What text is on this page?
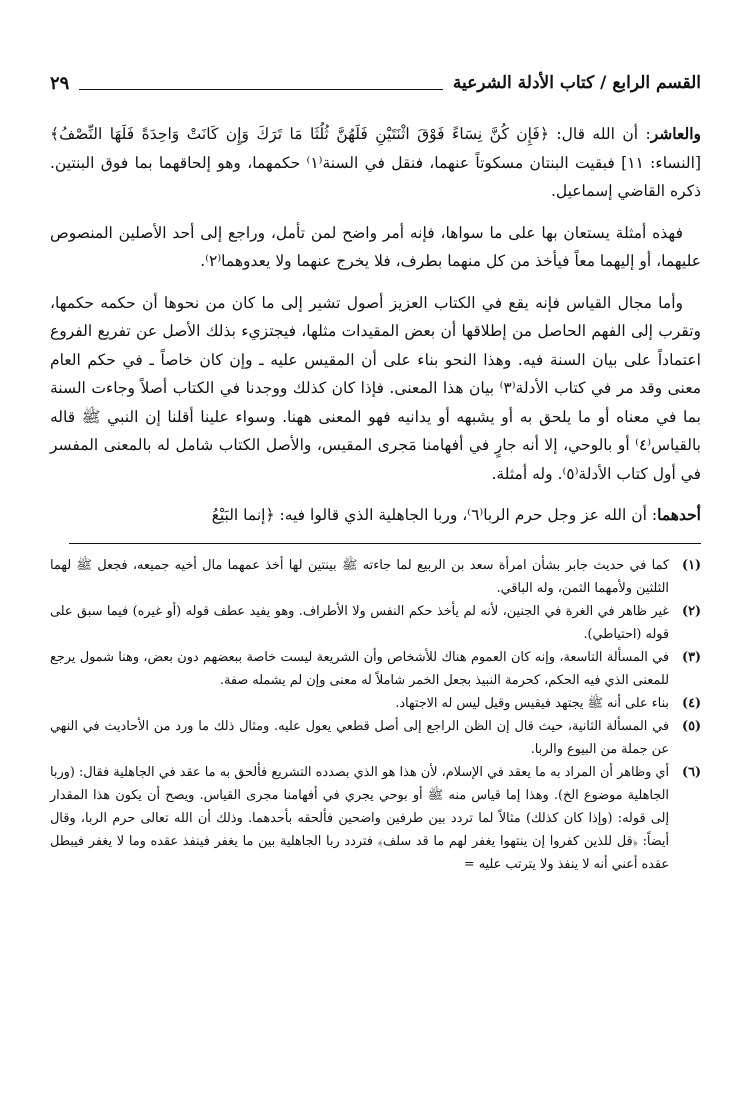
القسم الرابع / كتاب الأدلة الشرعية
٢٩

والعاشر: أن الله قال: ﴿فَإِن كُنَّ نِسَاءً فَوْقَ اثْنَتَيْنِ فَلَهُنَّ ثُلُثَا مَا تَرَكَ وَإِن كَانَتْ وَاحِدَةً فَلَهَا النِّصْفُ﴾ [النساء: ١١] فبقيت البنتان مسكوتاً عنهما، فنقل في السنة⁽١⁾ حكمهما، وهو إلحاقهما بما فوق البنتين. ذكره القاضي إسماعيل.

فهذه أمثلة يستعان بها على ما سواها، فإنه أمر واضح لمن تأمل، وراجع إلى أحد الأصلين المنصوص عليهما، أو إليهما معاً فيأخذ من كل منهما بطرف، فلا يخرج عنهما ولا يعدوهما⁽٢⁾.

وأما مجال القياس فإنه يقع في الكتاب العزيز أصول تشير إلى ما كان من نحوها أن حكمه حكمها، وتقرب إلى الفهم الحاصل من إطلاقها أن بعض المقيدات مثلها، فيجتزيء بذلك الأصل عن تفريع الفروع اعتماداً على بيان السنة فيه. وهذا النحو بناء على أن المقيس عليه ـ وإن كان خاصاً ـ في حكم العام معنى وقد مر في كتاب الأدلة⁽٣⁾ بيان هذا المعنى. فإذا كان كذلك ووجدنا في الكتاب أصلاً وجاءت السنة بما في معناه أو ما يلحق به أو يشبهه أو يدانيه فهو المعنى ههنا. وسواء علينا أقلنا إن النبي ﷺ قاله بالقياس⁽٤⁾ أو بالوحي، إلا أنه جارٍ في أفهامنا مَجرى المقيس، والأصل الكتاب شامل له بالمعنى المفسر في أول كتاب الأدلة⁽٥⁾. وله أمثلة.

أحدهما: أن الله عز وجل حرم الربا⁽٦⁾، وربا الجاهلية الذي قالوا فيه: ﴿إنما البَيْعُ

(١)
كما في حديث جابر بشأن امرأة سعد بن الربيع لما جاءته ﷺ بينتين لها أخذ عمهما مال أخيه جميعه، فجعل ﷺ لهما الثلثين ولأمهما الثمن، وله الباقي.
(٢)
غير ظاهر في الغرة في الجنين، لأنه لم يأخذ حكم النفس ولا الأطراف. وهو يفيد عطف قوله (أو غيره) فيما سبق على قوله (احتياطي).
(٣)
في المسألة التاسعة، وإنه كان العموم هناك للأشخاص وأن الشريعة ليست خاصة ببعضهم دون بعض، وهنا شمول يرجع للمعنى الذي فيه الحكم، كحرمة النبيذ بجعل الخمر شاملاً له معنى وإن لم يشمله صفة.
(٤)
بناء على أنه ﷺ يجتهد فيقيس وقيل ليس له الاجتهاد.
(٥)
في المسألة الثانية، حيث قال إن الظن الراجع إلى أصل قطعي يعول عليه. ومثال ذلك ما ورد من الأحاديث في النهي عن جملة من البيوع والربا.
(٦)
أي وظاهر أن المراد به ما يعقد في الإسلام، لأن هذا هو الذي بصدده التشريع فألحق به ما عقد في الجاهلية فقال: (وربا الجاهلية موضوع الخ). وهذا إما قياس منه ﷺ أو بوحي يجري في أفهامنا مجرى القياس. ويصح أن يكون هذا المقدار إلى قوله: (وإذا كان كذلك) مثالاً لما تردد بين طرفين واضحين فألحقه بأحدهما. وذلك أن الله تعالى حرم الربا، وقال أيضاً: ﴿قل للذين كفروا إن ينتهوا يغفر لهم ما قد سلف﴾ فتردد ربا الجاهلية بين ما يغفر فينفذ عقده وما لا يغفر فيبطل عقده أعني أنه لا ينفذ ولا يترتب عليه =
